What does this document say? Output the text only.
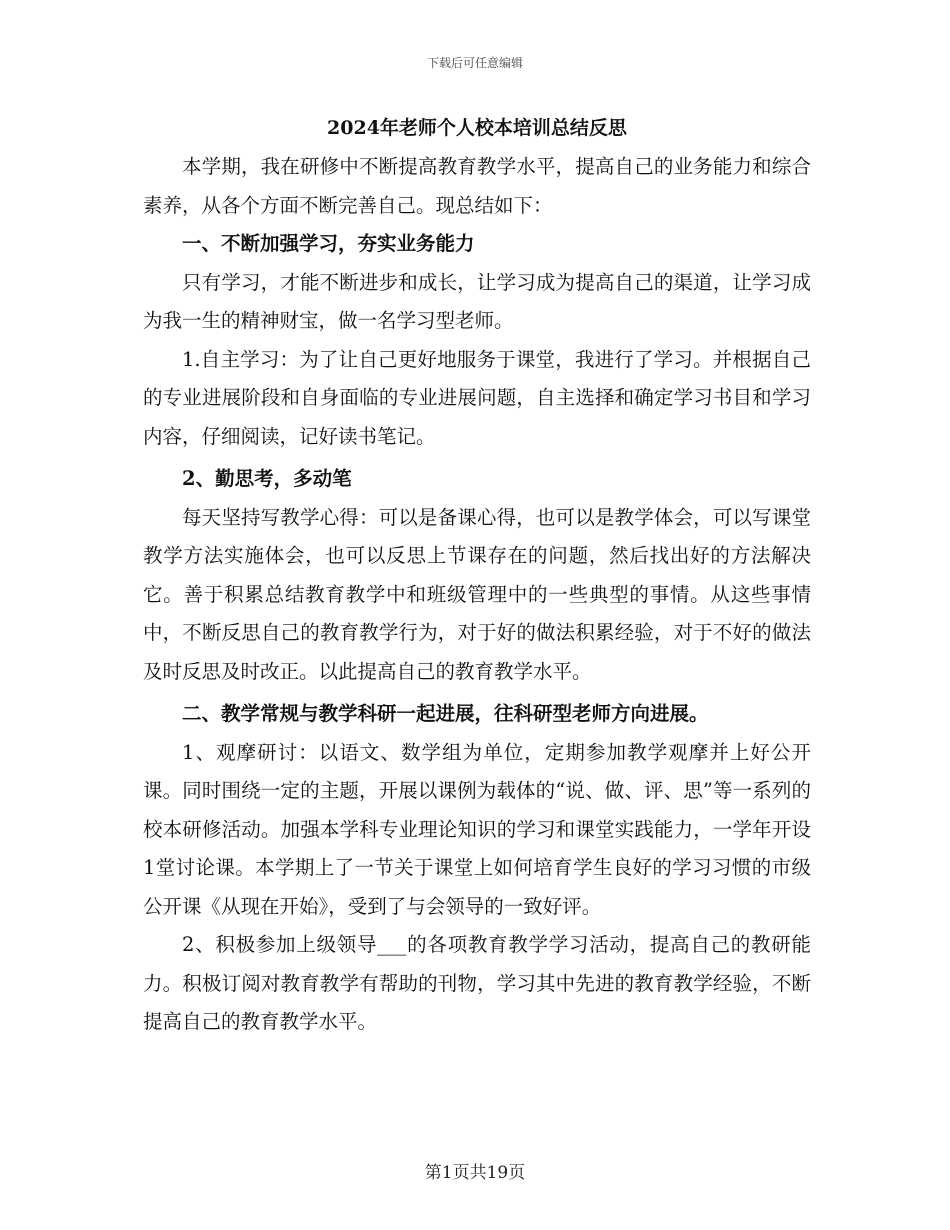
下载后可任意编辑
2024年老师个人校本培训总结反思

本学期，我在研修中不断提高教育教学水平，提高自己的业务能力和综合素养，从各个方面不断完善自己。现总结如下：

一、不断加强学习，夯实业务能力

只有学习，才能不断进步和成长，让学习成为提高自己的渠道，让学习成为我一生的精神财宝，做一名学习型老师。

1.自主学习：为了让自己更好地服务于课堂，我进行了学习。并根据自己的专业进展阶段和自身面临的专业进展问题，自主选择和确定学习书目和学习内容，仔细阅读，记好读书笔记。

2、勤思考，多动笔

每天坚持写教学心得：可以是备课心得，也可以是教学体会，可以写课堂教学方法实施体会，也可以反思上节课存在的问题，然后找出好的方法解决它。善于积累总结教育教学中和班级管理中的一些典型的事情。从这些事情中，不断反思自己的教育教学行为，对于好的做法积累经验，对于不好的做法及时反思及时改正。以此提高自己的教育教学水平。

二、教学常规与教学科研一起进展，往科研型老师方向进展。

1、观摩研讨：以语文、数学组为单位，定期参加教学观摩并上好公开课。同时围绕一定的主题，开展以课例为载体的“说、做、评、思”等一系列的校本研修活动。加强本学科专业理论知识的学习和课堂实践能力，一学年开设1堂讨论课。本学期上了一节关于课堂上如何培育学生良好的学习习惯的市级公开课《从现在开始》，受到了与会领导的一致好评。

2、积极参加上级领导___的各项教育教学学习活动，提高自己的教研能力。积极订阅对教育教学有帮助的刊物，学习其中先进的教育教学经验，不断提高自己的教育教学水平。

第1页共19页
